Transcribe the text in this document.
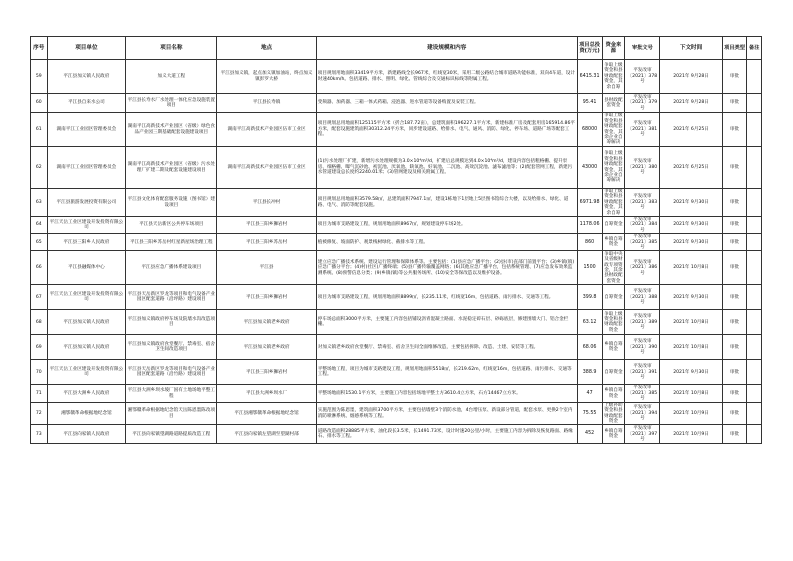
序号	项目单位	项目名称	地点	建设规模和内容	项目总投资(万元)	资金来源	审批文号	下文时间	项目类型	备注
59	平江县加义镇人民政府	加义大道工程	平江县加义镇，起点加义镇加油站，终点加义镇彭罗大桥	项目规划用地面积33419平方米，新建路线全长967米，红线宽30米，采用二级公路结合城市道路功能标准，双向4车道，设计时速40km/h。包括道路、排水、照明、绿化、管线综合及交通标识标线等附属工程。	6415.31	争取上级资金和县财政配套资金，其余自筹	平发改审〔2021〕378号	2021年 9月28日	审批	
60	平江县自来水公司	平江县长寿水厂水处理一体化应急设施装置项目	平江县长寿镇	变频器、加药器、三箱一体式药箱、浸泡器、进水管道等设备购置及安装工程。	95.41	县财政配套资金	平发改审〔2021〕379号	2021年 9月28日	审批	
61	湖南平江工业园区管理委员会	湖南平江高新技术产业园区（省级）绿色食品产业园三期基础配套设施建设项目	湖南平江高新技术产业园区伍市工业区	项目规划总用地面积125115平方米（折合187.72亩），总建筑面积196227.1平方米，新建标准厂房及配套用房165914.86平方米，配套设施建筑面积30312.24平方米，同步建设道路、给排水、电气、通风、消防、绿化、停车场、道路广场等配套工程。	68000	争取上级资金和县财政配套资金，其余企业自筹解决	平发改审〔2021〕381号	2021年 6月25日	审批	
62	湖南平江工业园区管理委员会	湖南平江高新技术产业园区（省级）污水处理厂扩建二期及配套设施建设项目	湖南平江高新技术产业园区伍市工业区	(1)污水处理厂扩建，新增污水处理规模为3.0×10⁴m³/d，扩建后总规模达到4.0×10⁴m³/d，建设内容包括粗格栅、提升泵房、细格栅、曝气沉砂池、初沉池、厌氧池、缺氧池、好氧池、二沉池、高效沉淀池、滤布滤池等；(2)配套管网工程，新建污水管道建设总长度约2240.01米；(3)管网建设及相关附属工程。	43000	争取上级资金和县财政配套资金，其余企业自筹解决	平发改审〔2021〕380号	2021年 6月25日	审批	
63	平江县旅游发展投资有限公司	平江县文化体育配套服务设施（图书馆）建设项目	平江县长冲村	项目规划总用地面积3579.58㎡，总建筑面积7947.1㎡，建设1栋地下1层地上5层图书馆综合大楼，以及给排水、绿化、道路、电气、消防等配套设施。	6971.98	争取上级资金和县财政配套资金，其余自筹	平发改审〔2021〕383号	2021年 9月30日	审批	
64	平江天岳工业区建设开发投资有限公司	平江县天岳新区公共停车场项目	平江县三阳乡狮岩村	项目为城市支路建设工程，规划用地面积8967㎡，规划建设停车场2处。	1178.06	自筹资金	平发改审〔2021〕384号	2021年 9月30日	审批	
65	平江县三阳乡人民政府	平江县三阳乡苏岳村红星新屋场治理工程	平江县三阳乡苏岳村	植被修复、坡面防护、观景栈树绿化、截排水等工程。	860	乡镇自筹资金	平发改审〔2021〕385号	2021年 9月30日	审批	
66	平江县融媒体中心	平江县应急广播体系建设项目	平江县	建立应急广播技术系统、建设运行管理和保障体系等。主要包括：(1)县应急广播平台；(2)县(市)直部门前置平台；(3)乡镇(镇)应急广播分平台；(4)村(社区)广播终端；(5)县广播传输覆盖网络；(6)其他应急广播平台，包括系统管理、(7)应急发布效果监测系统、(8)预警信息分类；(9)乡镇(镇)等公共服务场所、(10)安全等保改造以及维护设备。	1500	争取中央及省级财政专项资金，其余县财政配套资金	平发改审〔2021〕386号	2021年 10月8日	审批	
67	平江天岳工业区建设开发投资有限公司	平江县天岳新区罗龙等项目和电气设备产业园区配套道路（沿坪路）建设项目	平江县三阳乡狮岩村	项目为城市支路建设工程，规划用地面积8899㎡，长235.11米，红线宽16m，包括道路、雨污排水、交通等工程。	399.8	自筹资金	平发改审〔2021〕388号	2021年 9月30日	审批	
68	平江县加义镇人民政府	平江县加义镇政府停车场及院墙水沟改造项目	平江县加义镇老乡政府	停车场总面积3000平方米，主要施工内容包括铺设沥青混凝土路面、水泥稳定碎石层、砂砾底层，修建围墙大门、铝合金栏栅。	63.12	争取上级资金和县财政配套资金	平发改审〔2021〕389号	2021年 10月8日	审批	
69	平江县加义镇人民政府	平江县加义镇政府食堂餐厅、禁毒室、宿舍卫生间改造项目	平江县加义镇老乡政府	对加义镇老乡政府食堂餐厅、禁毒室、宿舍卫生间全面维修改造，主要包括拆除、改造、土建、安装等工程。	68.06	乡镇自筹资金	平发改审〔2021〕390号	2021年 10月8日	审批	
70	平江天岳工业区建设开发投资有限公司	平江县天岳新区罗龙等项目和电气设备产业园区配套道路（沿竹路）建设项目	平江县三阳乡狮岩村	平整场地工程，项目为城市支路建设工程，规划用地面积5518㎡，长219.62m，红线宽16m，包括道路、雨污排水、交通等工程。	388.9	自筹资金	平发改审〔2021〕391号	2021年 9月30日	审批	
71	平江县大洲乡人民政府	平江县大洲乡坝水坡厂国有土地场地平整工程	平江县大洲乡坝水厂	平整场地面积1530.1平方米，主要施工内容包括场地平整土方3610.4立方米，石方14467立方米。	47	乡镇自筹资金	平发改审〔2021〕385号	2021年 10月8日	审批	
72	湘鄂赣革命根据地纪念馆	湘鄂赣革命根据地纪念馆天岳陈恩墨陈改项目	平江县湘鄂赣革命根据地纪念馆	实施范围为陈恩墨，建筑面积3700平方米，主要包括墙壁3个消防水池，4台增压泵、新设部分管道，配套水泵、更换2个室内消防喷淋系统、烟感系统等工程。	75.55	上级补助资金和县财政配套资金	平发改审〔2021〕394号	2021年 10月9日	审批	
73	平江县向家镇人民政府	平江县向家镇望湖路道路提质改造工程	平江县向家镇左望湖至望湖村部	道路改造面积28885平方米，油化段长3.5米，长1491.73米，设计时速20公里/小时，主要施工内容为拆除及恢复路面、路缘石、排水等工程。	452	乡镇自筹资金	平发改审〔2021〕397号	2021年 10月9日	审批	
